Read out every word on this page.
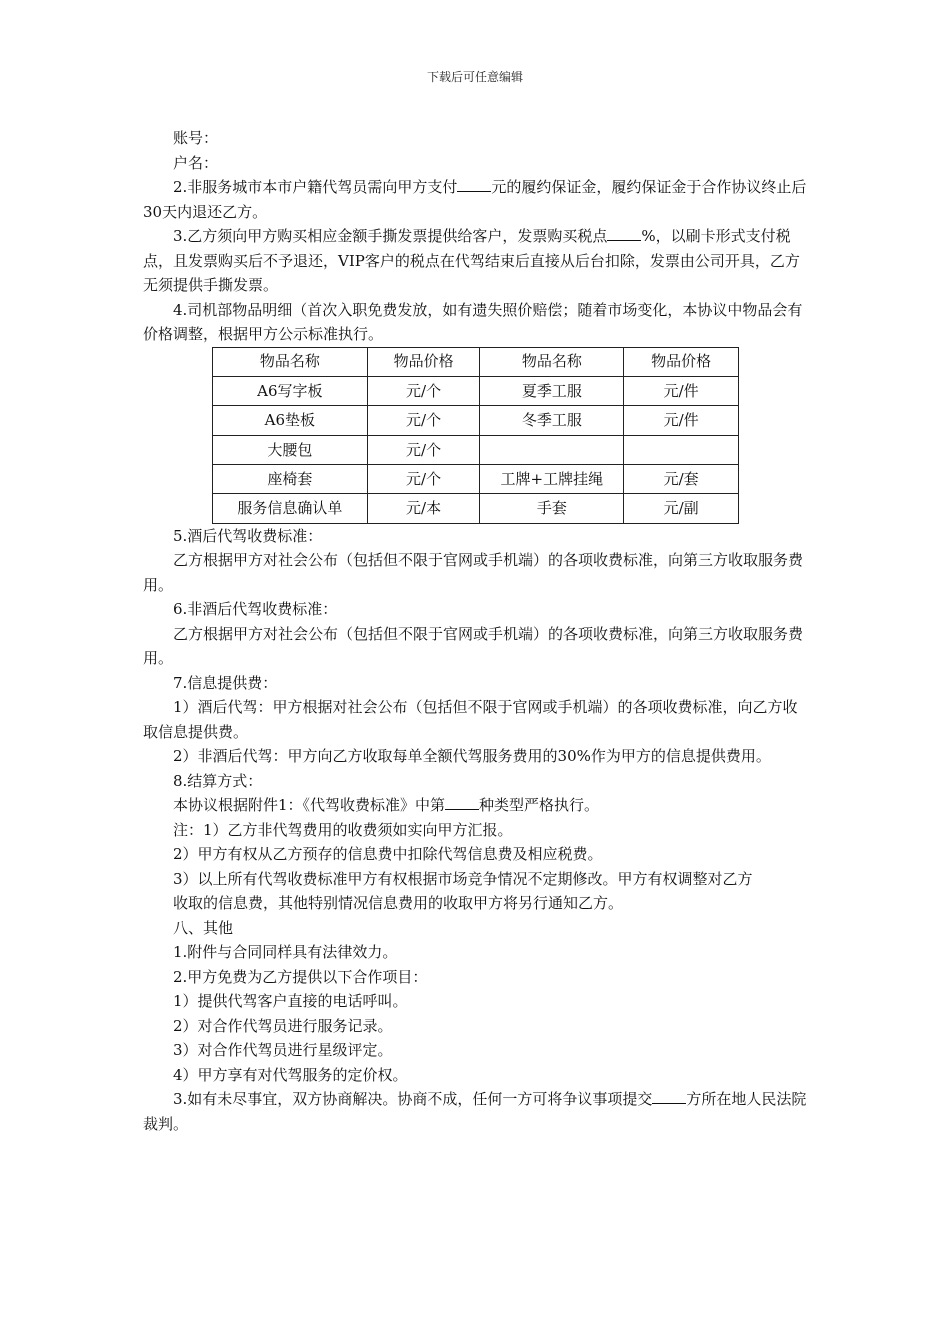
下载后可任意编辑

账号：

户名：

2.非服务城市本市户籍代驾员需向甲方支付 元的履约保证金，履约保证金于合作协议终止后30天内退还乙方。

3.乙方须向甲方购买相应金额手撕发票提供给客户，发票购买税点 %，以刷卡形式支付税点，且发票购买后不予退还，VIP客户的税点在代驾结束后直接从后台扣除，发票由公司开具，乙方无须提供手撕发票。

4.司机部物品明细（首次入职免费发放，如有遗失照价赔偿；随着市场变化，本协议中物品会有价格调整，根据甲方公示标准执行。

物品名称	物品价格	物品名称	物品价格
A6写字板	元/个	夏季工服	元/件
A6垫板	元/个	冬季工服	元/件
大腰包	元/个		
座椅套	元/个	工牌+工牌挂绳	元/套
服务信息确认单	元/本	手套	元/副

5.酒后代驾收费标准：

乙方根据甲方对社会公布（包括但不限于官网或手机端）的各项收费标准，向第三方收取服务费用。

6.非酒后代驾收费标准：

乙方根据甲方对社会公布（包括但不限于官网或手机端）的各项收费标准，向第三方收取服务费用。

7.信息提供费：

1）酒后代驾：甲方根据对社会公布（包括但不限于官网或手机端）的各项收费标准，向乙方收取信息提供费。

2）非酒后代驾：甲方向乙方收取每单全额代驾服务费用的30%作为甲方的信息提供费用。

8.结算方式：

本协议根据附件1：《代驾收费标准》中第 种类型严格执行。

注：1）乙方非代驾费用的收费须如实向甲方汇报。

2）甲方有权从乙方预存的信息费中扣除代驾信息费及相应税费。

3）以上所有代驾收费标准甲方有权根据市场竞争情况不定期修改。甲方有权调整对乙方

收取的信息费，其他特别情况信息费用的收取甲方将另行通知乙方。

八、其他

1.附件与合同同样具有法律效力。

2.甲方免费为乙方提供以下合作项目：

1）提供代驾客户直接的电话呼叫。

2）对合作代驾员进行服务记录。

3）对合作代驾员进行星级评定。

4）甲方享有对代驾服务的定价权。

3.如有未尽事宜，双方协商解决。协商不成，任何一方可将争议事项提交 方所在地人民法院裁判。
